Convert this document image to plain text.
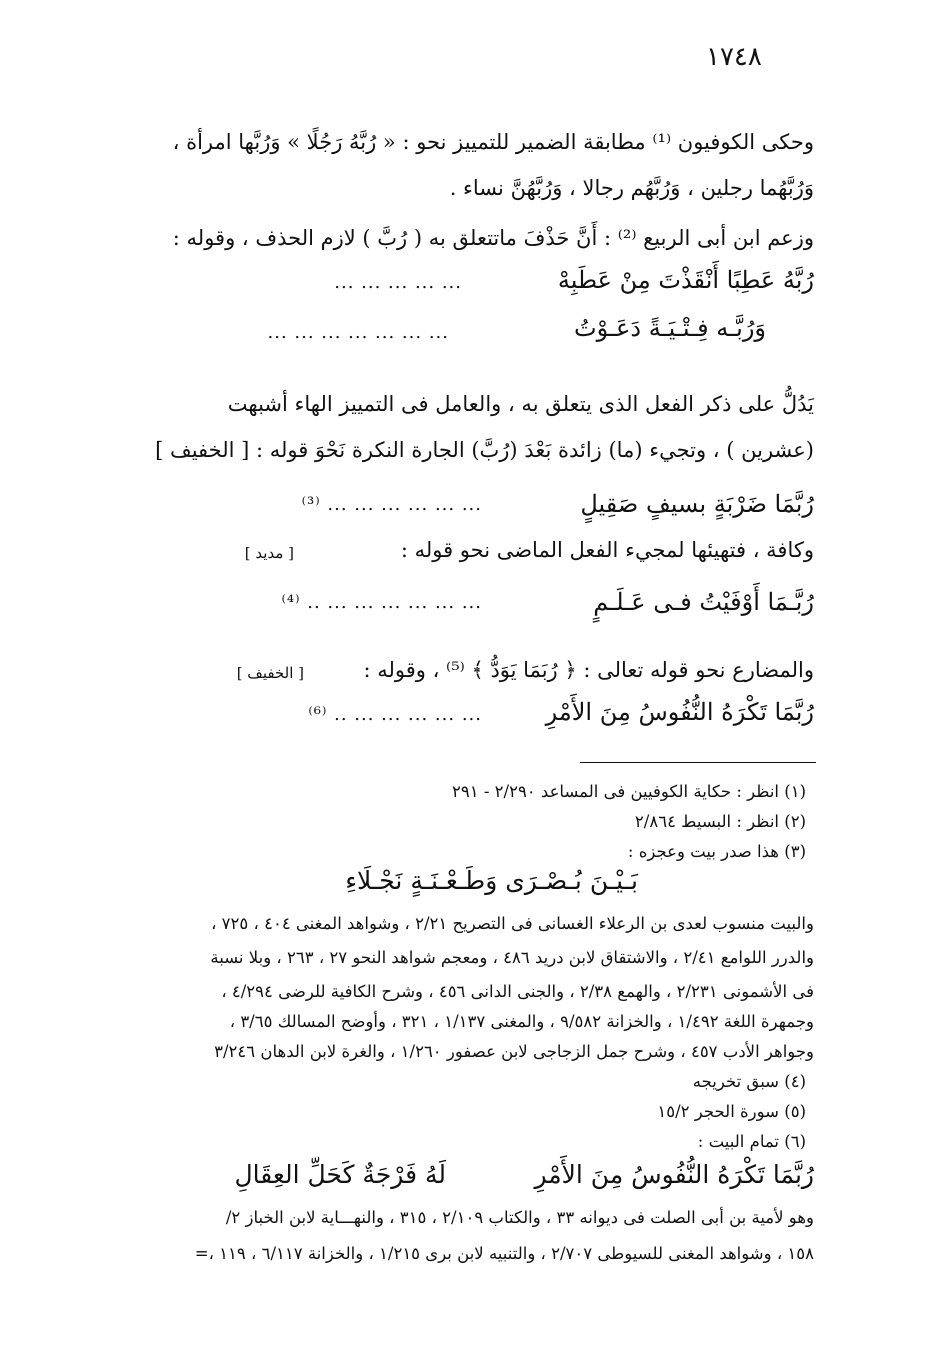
١٧٤٨

وحكى الكوفيون ⁽¹⁾ مطابقة الضمير للتمييز نحو : « رُبَّهُ رَجُلًا » وَرُبَّها امرأة ،

وَرُبَّهُما رجلين ، وَرُبَّهُم رجالا ، وَرُبَّهُنَّ نساء .

وزعم ابن أبى الربيع ⁽²⁾ : أَنَّ حَذْفَ ماتتعلق به ( رُبَّ ) لازم الحذف ، وقوله :

رُبَّهُ عَطِبًا أَنْقَذْتَ مِنْ عَطَبِهْ

... ... ... ... ...

وَرُبَّـه فِـتْـيَـةً دَعَـوْتُ

... ... ... ... ... ... ...

يَدُلُّ على ذكر الفعل الذى يتعلق به ، والعامل فى التمييز الهاء أشبهت

(عشرين ) ، وتجيء (ما) زائدة بَعْدَ (رُبَّ) الجارة النكرة نَحْوَ قوله : [ الخفيف ]

رُبَّمَا ضَرْبَةٍ بسيفٍ صَقِيلٍ

... ... ... ... ... ... ⁽³⁾

وكافة ، فتهيئها لمجيء الفعل الماضى نحو قوله :

[ مديد ]

رُبَّـمَا أَوْفَيْتُ فـى عَـلَـمٍ

... ... ... ... ... ... .. ⁽⁴⁾

والمضارع نحو قوله تعالى : ﴿ رُبَمَا يَوَدُّ ﴾ ⁽⁵⁾ ، وقوله :

[ الخفيف ]

رُبَّمَا تَكْرَهُ النُّفُوسُ مِنَ الأَمْرِ

... ... ... ... ... .. ⁽⁶⁾

(١) انظر : حكاية الكوفيين فى المساعد ٢/٢٩٠ - ٢٩١

(٢) انظر : البسيط ٢/٨٦٤

(٣) هذا صدر بيت وعجزه :

بَـيْـنَ بُـصْـرَى وَطَـعْـنَـةٍ نَجْـلَاءِ

والبيت منسوب لعدى بن الرعلاء الغسانى فى التصريح ٢/٢١ ، وشواهد المغنى ٤٠٤ ، ٧٢٥ ،

والدرر اللوامع ٢/٤١ ، والاشتقاق لابن دريد ٤٨٦ ، ومعجم شواهد النحو ٢٧ ، ٢٦٣ ، وبلا نسبة

فى الأشمونى ٢/٢٣١ ، والهمع ٢/٣٨ ، والجنى الدانى ٤٥٦ ، وشرح الكافية للرضى ٤/٢٩٤ ،

وجمهرة اللغة ١/٤٩٢ ، والخزانة ٩/٥٨٢ ، والمغنى ١/١٣٧ ، ٣٢١ ، وأوضح المسالك ٣/٦٥ ،

وجواهر الأدب ٤٥٧ ، وشرح جمل الزجاجى لابن عصفور ١/٢٦٠ ، والغرة لابن الدهان ٣/٢٤٦

(٤) سبق تخريجه

(٥) سورة الحجر ١٥/٢

(٦) تمام البيت :

رُبَّمَا تَكْرَهُ النُّفُوسُ مِنَ الأَمْرِ

لَهُ فَرْجَةٌ كَحَلِّ العِقَالِ

وهو لأمية بن أبى الصلت فى ديوانه ٣٣ ، والكتاب ٢/١٠٩ ، ٣١٥ ، والنهـــاية لابن الخباز ٢/

١٥٨ ، وشواهد المغنى للسيوطى ٢/٧٠٧ ، والتنبيه لابن برى ١/٢١٥ ، والخزانة ٦/١١٧ ، ١١٩ ،=
